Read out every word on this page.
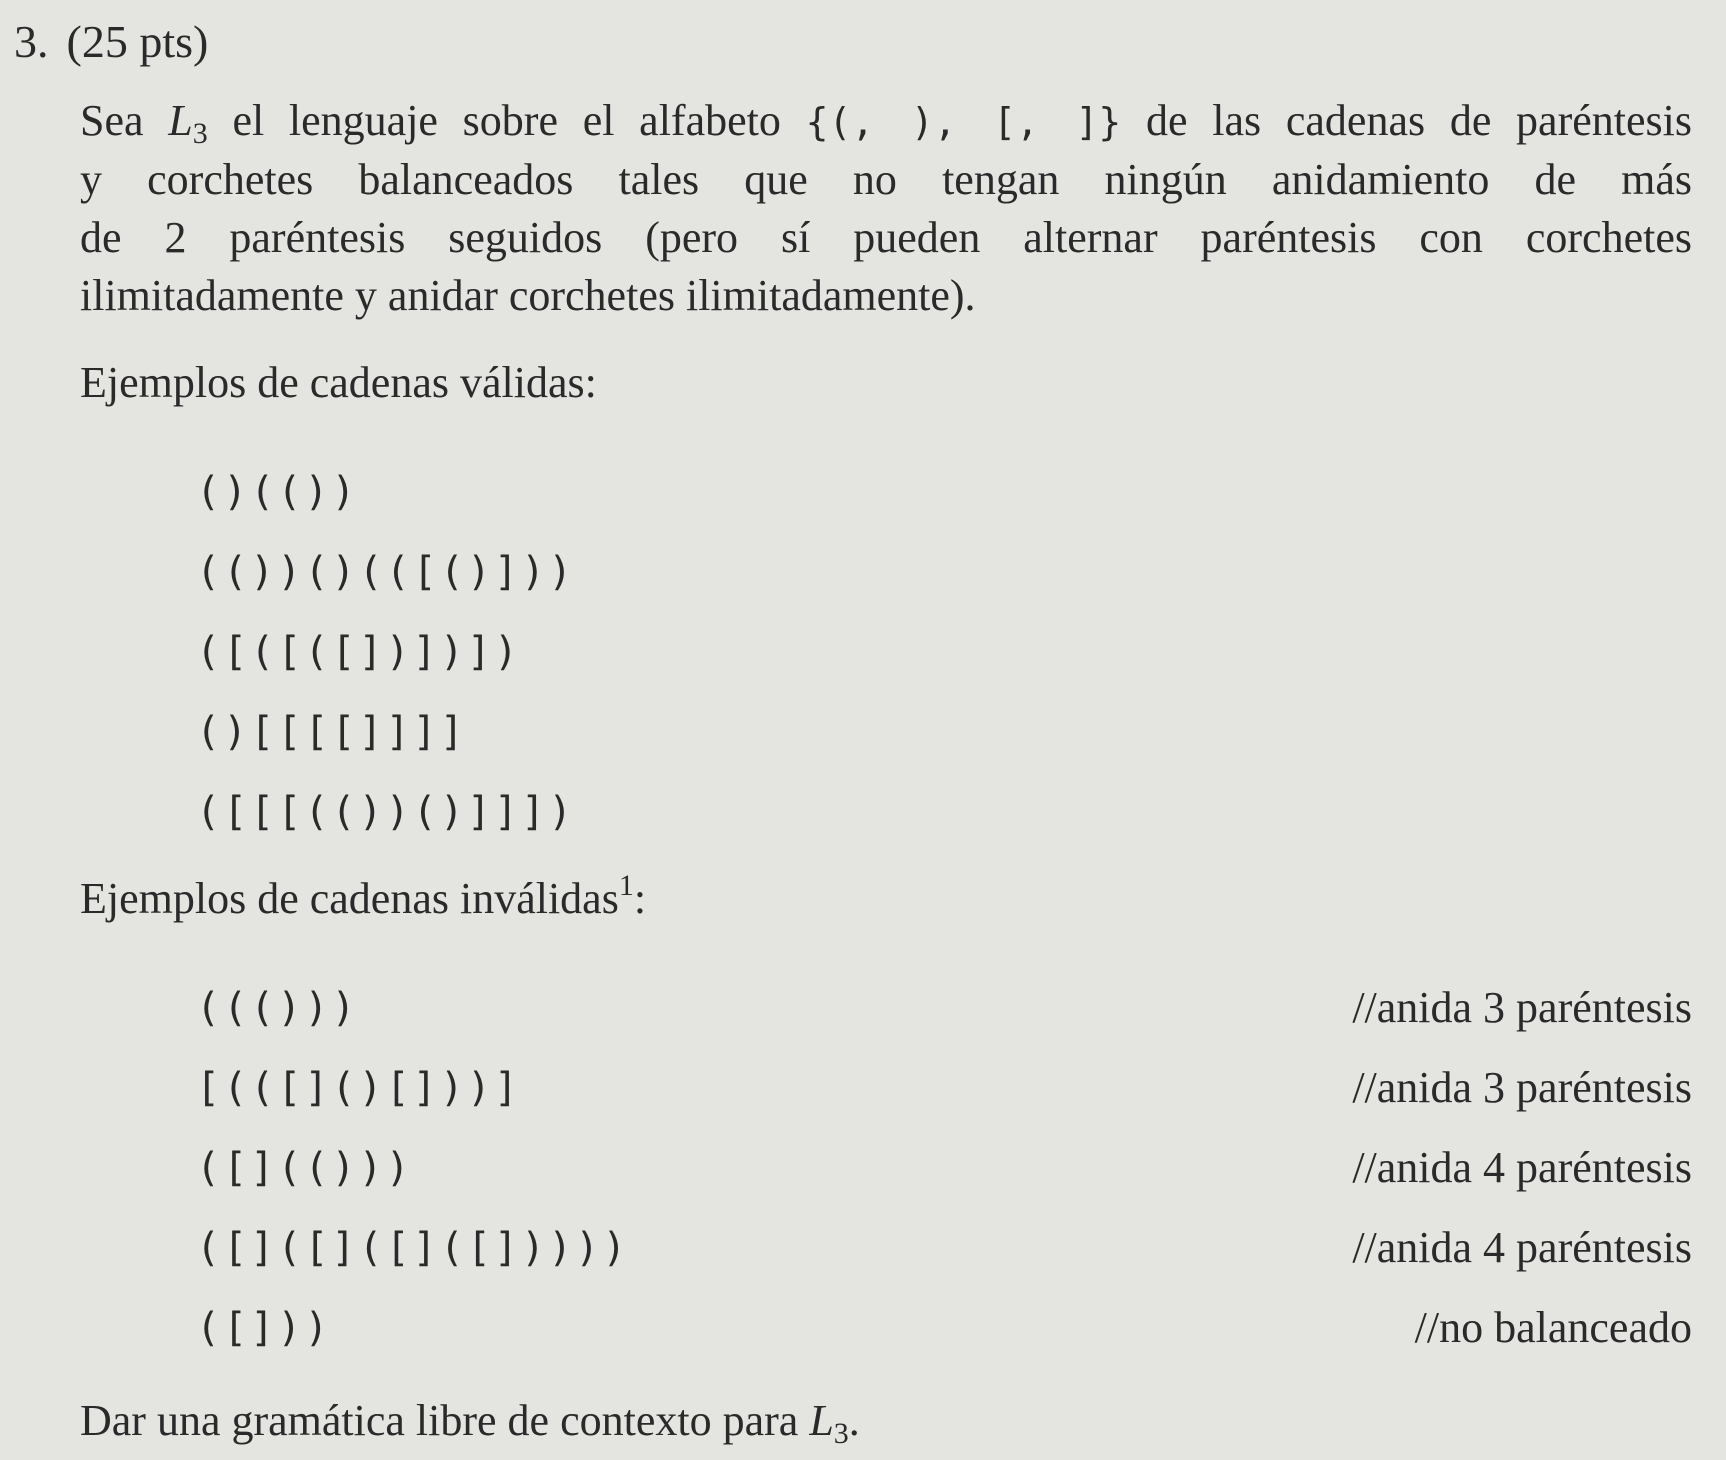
3. (25 pts)
Sea $L_3$ el lenguaje sobre el alfabeto {(, ), [, ]} de las cadenas de paréntesis
y corchetes balanceados tales que no tengan ningún anidamiento de más
de 2 paréntesis seguidos (pero sí pueden alternar paréntesis con corchetes
ilimitadamente y anidar corchetes ilimitadamente).
Ejemplos de cadenas válidas:
()(())
(())()(([()]))
([([([])])])
()[[[[]]]]
([[[(())()]]])
Ejemplos de cadenas inválidas$^1$:
((()))	//anida 3 paréntesis
[(([]()[]))]	//anida 3 paréntesis
([](()))	//anida 4 paréntesis
([]([]([]([]))))	//anida 4 paréntesis
([]))	//no balanceado
Dar una gramática libre de contexto para $L_3$.
